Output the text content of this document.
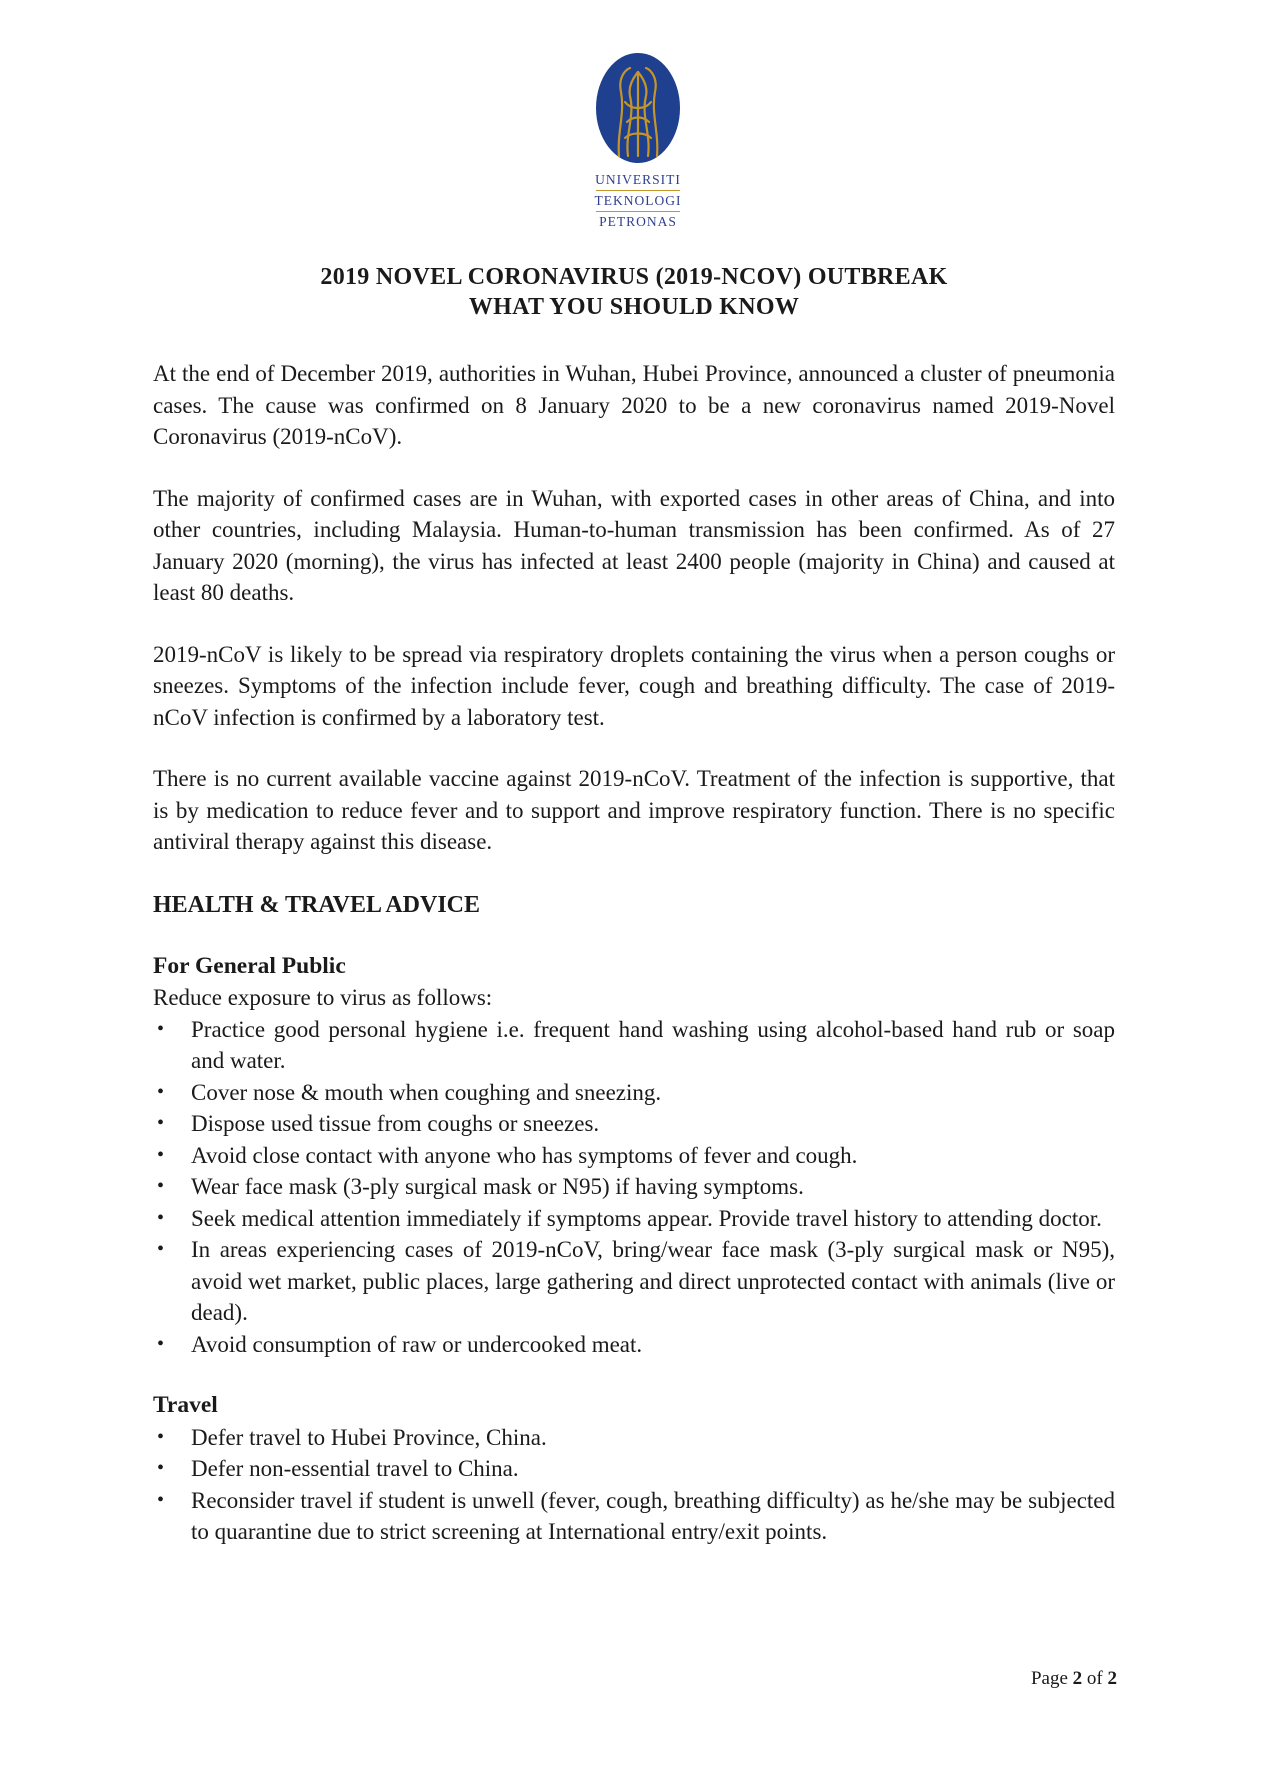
UNIVERSITI
TEKNOLOGI
PETRONAS
2019 NOVEL CORONAVIRUS (2019-NCOV) OUTBREAK
WHAT YOU SHOULD KNOW

At the end of December 2019, authorities in Wuhan, Hubei Province, announced a cluster of pneumonia cases. The cause was confirmed on 8 January 2020 to be a new coronavirus named 2019-Novel Coronavirus (2019-nCoV).

The majority of confirmed cases are in Wuhan, with exported cases in other areas of China, and into other countries, including Malaysia. Human-to-human transmission has been confirmed. As of 27 January 2020 (morning), the virus has infected at least 2400 people (majority in China) and caused at least 80 deaths.

2019-nCoV is likely to be spread via respiratory droplets containing the virus when a person coughs or sneezes. Symptoms of the infection include fever, cough and breathing difficulty. The case of 2019-nCoV infection is confirmed by a laboratory test.

There is no current available vaccine against 2019-nCoV. Treatment of the infection is supportive, that is by medication to reduce fever and to support and improve respiratory function. There is no specific antiviral therapy against this disease.

HEALTH & TRAVEL ADVICE
For General Public
Reduce exposure to virus as follows:
• Practice good personal hygiene i.e. frequent hand washing using alcohol-based hand rub or soap and water.
• Cover nose & mouth when coughing and sneezing.
• Dispose used tissue from coughs or sneezes.
• Avoid close contact with anyone who has symptoms of fever and cough.
• Wear face mask (3-ply surgical mask or N95) if having symptoms.
• Seek medical attention immediately if symptoms appear. Provide travel history to attending doctor.
• In areas experiencing cases of 2019-nCoV, bring/wear face mask (3-ply surgical mask or N95), avoid wet market, public places, large gathering and direct unprotected contact with animals (live or dead).
• Avoid consumption of raw or undercooked meat.
Travel
• Defer travel to Hubei Province, China.
• Defer non-essential travel to China.
• Reconsider travel if student is unwell (fever, cough, breathing difficulty) as he/she may be subjected to quarantine due to strict screening at International entry/exit points.
Page 2 of 2
